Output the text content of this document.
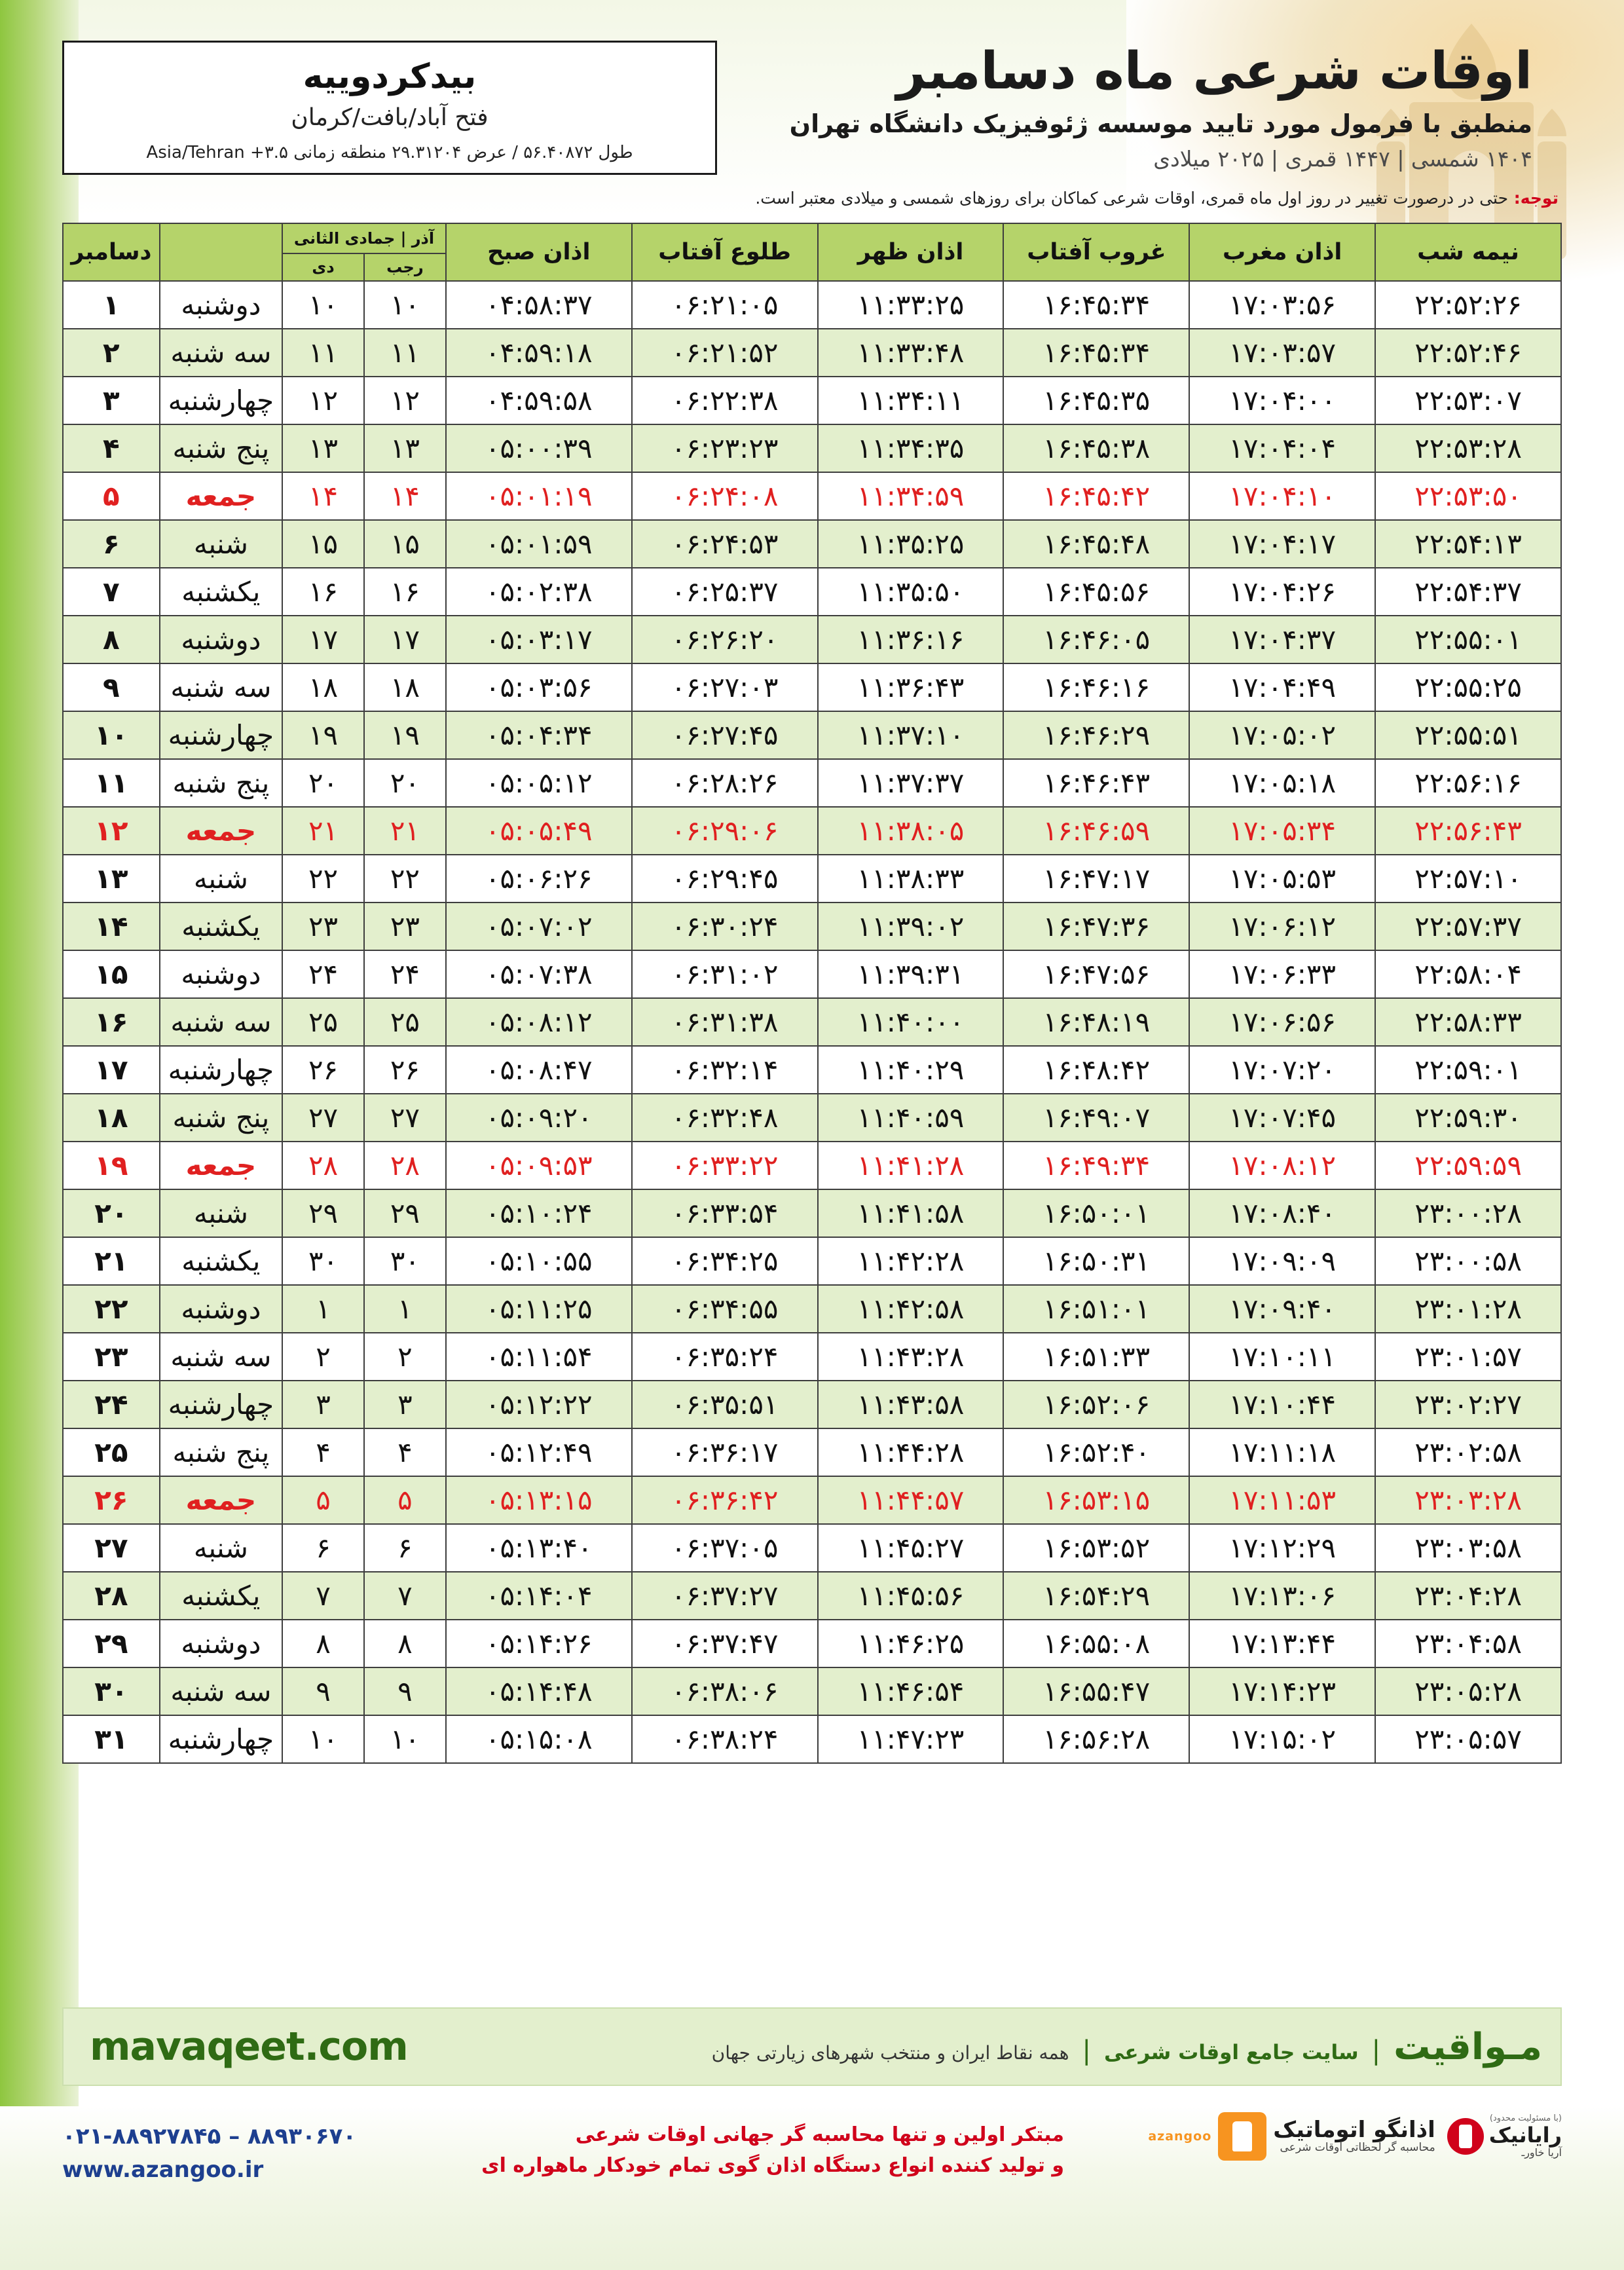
اوقات شرعی ماه دسامبر
منطبق با فرمول مورد تایید موسسه ژئوفیزیک دانشگاه تهران
۱۴۰۴ شمسی | ۱۴۴۷ قمری | ۲۰۲۵ میلادی
بیدکردوییه
فتح آباد/بافت/کرمان
طول ۵۶.۴۰۸۷۲ / عرض ۲۹.۳۱۲۰۴ منطقه زمانی ۳.۵+ Asia/Tehran
توجه: حتی در درصورت تغییر در روز اول ماه قمری، اوقات شرعی کماکان برای روزهای شمسی و میلادی معتبر است.
نیمه شب	اذان مغرب	غروب آفتاب	اذان ظهر	طلوع آفتاب	اذان صبح	آذر | جمادی الثانی			دسامبر
						رجب	دی		
۲۲:۵۲:۲۶	۱۷:۰۳:۵۶	۱۶:۴۵:۳۴	۱۱:۳۳:۲۵	۰۶:۲۱:۰۵	۰۴:۵۸:۳۷	۱۰	۱۰	دوشنبه	۱
۲۲:۵۲:۴۶	۱۷:۰۳:۵۷	۱۶:۴۵:۳۴	۱۱:۳۳:۴۸	۰۶:۲۱:۵۲	۰۴:۵۹:۱۸	۱۱	۱۱	سه شنبه	۲
۲۲:۵۳:۰۷	۱۷:۰۴:۰۰	۱۶:۴۵:۳۵	۱۱:۳۴:۱۱	۰۶:۲۲:۳۸	۰۴:۵۹:۵۸	۱۲	۱۲	چهارشنبه	۳
۲۲:۵۳:۲۸	۱۷:۰۴:۰۴	۱۶:۴۵:۳۸	۱۱:۳۴:۳۵	۰۶:۲۳:۲۳	۰۵:۰۰:۳۹	۱۳	۱۳	پنج شنبه	۴
۲۲:۵۳:۵۰	۱۷:۰۴:۱۰	۱۶:۴۵:۴۲	۱۱:۳۴:۵۹	۰۶:۲۴:۰۸	۰۵:۰۱:۱۹	۱۴	۱۴	جمعه	۵
۲۲:۵۴:۱۳	۱۷:۰۴:۱۷	۱۶:۴۵:۴۸	۱۱:۳۵:۲۵	۰۶:۲۴:۵۳	۰۵:۰۱:۵۹	۱۵	۱۵	شنبه	۶
۲۲:۵۴:۳۷	۱۷:۰۴:۲۶	۱۶:۴۵:۵۶	۱۱:۳۵:۵۰	۰۶:۲۵:۳۷	۰۵:۰۲:۳۸	۱۶	۱۶	یکشنبه	۷
۲۲:۵۵:۰۱	۱۷:۰۴:۳۷	۱۶:۴۶:۰۵	۱۱:۳۶:۱۶	۰۶:۲۶:۲۰	۰۵:۰۳:۱۷	۱۷	۱۷	دوشنبه	۸
۲۲:۵۵:۲۵	۱۷:۰۴:۴۹	۱۶:۴۶:۱۶	۱۱:۳۶:۴۳	۰۶:۲۷:۰۳	۰۵:۰۳:۵۶	۱۸	۱۸	سه شنبه	۹
۲۲:۵۵:۵۱	۱۷:۰۵:۰۲	۱۶:۴۶:۲۹	۱۱:۳۷:۱۰	۰۶:۲۷:۴۵	۰۵:۰۴:۳۴	۱۹	۱۹	چهارشنبه	۱۰
۲۲:۵۶:۱۶	۱۷:۰۵:۱۸	۱۶:۴۶:۴۳	۱۱:۳۷:۳۷	۰۶:۲۸:۲۶	۰۵:۰۵:۱۲	۲۰	۲۰	پنج شنبه	۱۱
۲۲:۵۶:۴۳	۱۷:۰۵:۳۴	۱۶:۴۶:۵۹	۱۱:۳۸:۰۵	۰۶:۲۹:۰۶	۰۵:۰۵:۴۹	۲۱	۲۱	جمعه	۱۲
۲۲:۵۷:۱۰	۱۷:۰۵:۵۳	۱۶:۴۷:۱۷	۱۱:۳۸:۳۳	۰۶:۲۹:۴۵	۰۵:۰۶:۲۶	۲۲	۲۲	شنبه	۱۳
۲۲:۵۷:۳۷	۱۷:۰۶:۱۲	۱۶:۴۷:۳۶	۱۱:۳۹:۰۲	۰۶:۳۰:۲۴	۰۵:۰۷:۰۲	۲۳	۲۳	یکشنبه	۱۴
۲۲:۵۸:۰۴	۱۷:۰۶:۳۳	۱۶:۴۷:۵۶	۱۱:۳۹:۳۱	۰۶:۳۱:۰۲	۰۵:۰۷:۳۸	۲۴	۲۴	دوشنبه	۱۵
۲۲:۵۸:۳۳	۱۷:۰۶:۵۶	۱۶:۴۸:۱۹	۱۱:۴۰:۰۰	۰۶:۳۱:۳۸	۰۵:۰۸:۱۲	۲۵	۲۵	سه شنبه	۱۶
۲۲:۵۹:۰۱	۱۷:۰۷:۲۰	۱۶:۴۸:۴۲	۱۱:۴۰:۲۹	۰۶:۳۲:۱۴	۰۵:۰۸:۴۷	۲۶	۲۶	چهارشنبه	۱۷
۲۲:۵۹:۳۰	۱۷:۰۷:۴۵	۱۶:۴۹:۰۷	۱۱:۴۰:۵۹	۰۶:۳۲:۴۸	۰۵:۰۹:۲۰	۲۷	۲۷	پنج شنبه	۱۸
۲۲:۵۹:۵۹	۱۷:۰۸:۱۲	۱۶:۴۹:۳۴	۱۱:۴۱:۲۸	۰۶:۳۳:۲۲	۰۵:۰۹:۵۳	۲۸	۲۸	جمعه	۱۹
۲۳:۰۰:۲۸	۱۷:۰۸:۴۰	۱۶:۵۰:۰۱	۱۱:۴۱:۵۸	۰۶:۳۳:۵۴	۰۵:۱۰:۲۴	۲۹	۲۹	شنبه	۲۰
۲۳:۰۰:۵۸	۱۷:۰۹:۰۹	۱۶:۵۰:۳۱	۱۱:۴۲:۲۸	۰۶:۳۴:۲۵	۰۵:۱۰:۵۵	۳۰	۳۰	یکشنبه	۲۱
۲۳:۰۱:۲۸	۱۷:۰۹:۴۰	۱۶:۵۱:۰۱	۱۱:۴۲:۵۸	۰۶:۳۴:۵۵	۰۵:۱۱:۲۵	۱	۱	دوشنبه	۲۲
۲۳:۰۱:۵۷	۱۷:۱۰:۱۱	۱۶:۵۱:۳۳	۱۱:۴۳:۲۸	۰۶:۳۵:۲۴	۰۵:۱۱:۵۴	۲	۲	سه شنبه	۲۳
۲۳:۰۲:۲۷	۱۷:۱۰:۴۴	۱۶:۵۲:۰۶	۱۱:۴۳:۵۸	۰۶:۳۵:۵۱	۰۵:۱۲:۲۲	۳	۳	چهارشنبه	۲۴
۲۳:۰۲:۵۸	۱۷:۱۱:۱۸	۱۶:۵۲:۴۰	۱۱:۴۴:۲۸	۰۶:۳۶:۱۷	۰۵:۱۲:۴۹	۴	۴	پنج شنبه	۲۵
۲۳:۰۳:۲۸	۱۷:۱۱:۵۳	۱۶:۵۳:۱۵	۱۱:۴۴:۵۷	۰۶:۳۶:۴۲	۰۵:۱۳:۱۵	۵	۵	جمعه	۲۶
۲۳:۰۳:۵۸	۱۷:۱۲:۲۹	۱۶:۵۳:۵۲	۱۱:۴۵:۲۷	۰۶:۳۷:۰۵	۰۵:۱۳:۴۰	۶	۶	شنبه	۲۷
۲۳:۰۴:۲۸	۱۷:۱۳:۰۶	۱۶:۵۴:۲۹	۱۱:۴۵:۵۶	۰۶:۳۷:۲۷	۰۵:۱۴:۰۴	۷	۷	یکشنبه	۲۸
۲۳:۰۴:۵۸	۱۷:۱۳:۴۴	۱۶:۵۵:۰۸	۱۱:۴۶:۲۵	۰۶:۳۷:۴۷	۰۵:۱۴:۲۶	۸	۸	دوشنبه	۲۹
۲۳:۰۵:۲۸	۱۷:۱۴:۲۳	۱۶:۵۵:۴۷	۱۱:۴۶:۵۴	۰۶:۳۸:۰۶	۰۵:۱۴:۴۸	۹	۹	سه شنبه	۳۰
۲۳:۰۵:۵۷	۱۷:۱۵:۰۲	۱۶:۵۶:۲۸	۱۱:۴۷:۲۳	۰۶:۳۸:۲۴	۰۵:۱۵:۰۸	۱۰	۱۰	چهارشنبه	۳۱
مـواقیت
|
سایت جامع اوقات شرعی
|
همه نقاط ایران و منتخب شهرهای زیارتی جهان
mavaqeet.com
(با مسئولیت محدود)
رایانیک
آریا خاورـ
اذانگو اتوماتیک
محاسبه گر لحظاتی اوقات شرعی
azangoo
مبتکر اولین و تنها محاسبه گر جهانی اوقات شرعی
و تولید کننده انواع دستگاه اذان گوی تمام خودکار ماهواره ای
۰۲۱-۸۸۹۲۷۸۴۵ – ۸۸۹۳۰۶۷۰
www.azangoo.ir
